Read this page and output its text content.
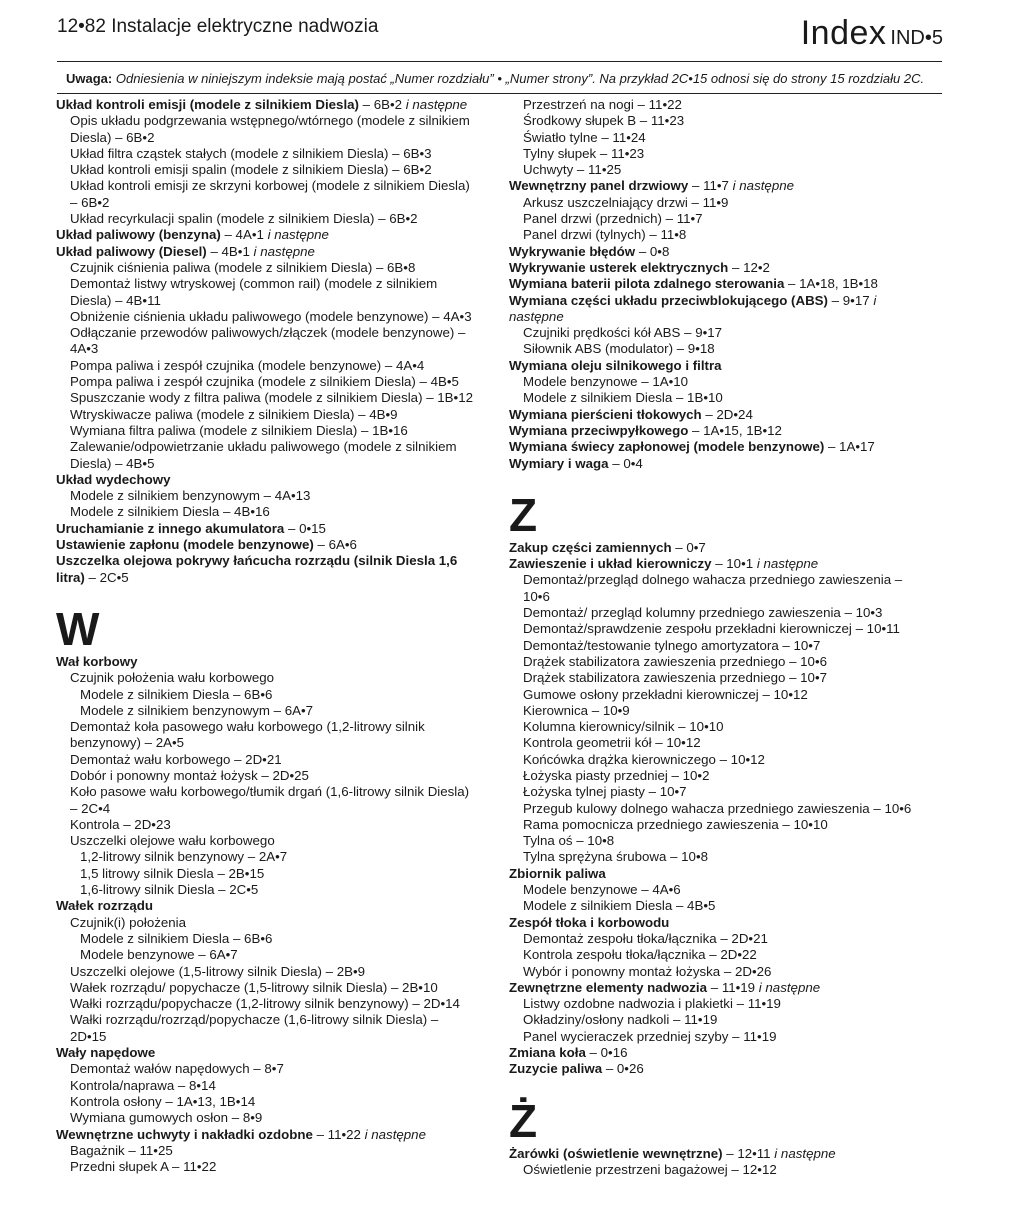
12•82 Instalacje elektryczne nadwozia	Index IND•5
Uwaga: Odniesienia w niniejszym indeksie mają postać „Numer rozdziału” • „Numer strony”. Na przykład 2C•15 odnosi się do strony 15 rozdziału 2C.
Układ kontroli emisji (modele z silnikiem Diesla) – 6B•2 i następne
Opis układu podgrzewania wstępnego/wtórnego (modele z silnikiem
Diesla) – 6B•2
Układ filtra cząstek stałych (modele z silnikiem Diesla) – 6B•3
Układ kontroli emisji spalin (modele z silnikiem Diesla) – 6B•2
Układ kontroli emisji ze skrzyni korbowej (modele z silnikiem Diesla)
– 6B•2
Układ recyrkulacji spalin (modele z silnikiem Diesla) – 6B•2
Układ paliwowy (benzyna) – 4A•1 i następne
Układ paliwowy (Diesel) – 4B•1 i następne
Czujnik ciśnienia paliwa (modele z silnikiem Diesla) – 6B•8
Demontaż listwy wtryskowej (common rail) (modele z silnikiem
Diesla) – 4B•11
Obniżenie ciśnienia układu paliwowego (modele benzynowe) – 4A•3
Odłączanie przewodów paliwowych/złączek (modele benzynowe) –
4A•3
Pompa paliwa i zespół czujnika (modele benzynowe) – 4A•4
Pompa paliwa i zespół czujnika (modele z silnikiem Diesla) – 4B•5
Spuszczanie wody z filtra paliwa (modele z silnikiem Diesla) – 1B•12
Wtryskiwacze paliwa (modele z silnikiem Diesla) – 4B•9
Wymiana filtra paliwa (modele z silnikiem Diesla) – 1B•16
Zalewanie/odpowietrzanie układu paliwowego (modele z silnikiem
Diesla) – 4B•5
Układ wydechowy
Modele z silnikiem benzynowym – 4A•13
Modele z silnikiem Diesla – 4B•16
Uruchamianie z innego akumulatora – 0•15
Ustawienie zapłonu (modele benzynowe) – 6A•6
Uszczelka olejowa pokrywy łańcucha rozrządu (silnik Diesla 1,6
litra) – 2C•5
W
Wał korbowy
Czujnik położenia wału korbowego
Modele z silnikiem Diesla – 6B•6
Modele z silnikiem benzynowym – 6A•7
Demontaż koła pasowego wału korbowego (1,2-litrowy silnik
benzynowy) – 2A•5
Demontaż wału korbowego – 2D•21
Dobór i ponowny montaż łożysk – 2D•25
Koło pasowe wału korbowego/tłumik drgań (1,6-litrowy silnik Diesla)
– 2C•4
Kontrola – 2D•23
Uszczelki olejowe wału korbowego
1,2-litrowy silnik benzynowy – 2A•7
1,5 litrowy silnik Diesla – 2B•15
1,6-litrowy silnik Diesla – 2C•5
Wałek rozrządu
Czujnik(i) położenia
Modele z silnikiem Diesla – 6B•6
Modele benzynowe – 6A•7
Uszczelki olejowe (1,5-litrowy silnik Diesla) – 2B•9
Wałek rozrządu/ popychacze (1,5-litrowy silnik Diesla) – 2B•10
Wałki rozrządu/popychacze (1,2-litrowy silnik benzynowy) – 2D•14
Wałki rozrządu/rozrząd/popychacze (1,6-litrowy silnik Diesla) –
2D•15
Wały napędowe
Demontaż wałów napędowych – 8•7
Kontrola/naprawa – 8•14
Kontrola osłony – 1A•13, 1B•14
Wymiana gumowych osłon – 8•9
Wewnętrzne uchwyty i nakładki ozdobne – 11•22 i następne
Bagażnik – 11•25
Przedni słupek A – 11•22
Przestrzeń na nogi – 11•22
Środkowy słupek B – 11•23
Światło tylne – 11•24
Tylny słupek – 11•23
Uchwyty – 11•25
Wewnętrzny panel drzwiowy – 11•7 i następne
Arkusz uszczelniający drzwi – 11•9
Panel drzwi (przednich) – 11•7
Panel drzwi (tylnych) – 11•8
Wykrywanie błędów – 0•8
Wykrywanie usterek elektrycznych – 12•2
Wymiana baterii pilota zdalnego sterowania – 1A•18, 1B•18
Wymiana części układu przeciwblokującego (ABS) – 9•17 i
następne
Czujniki prędkości kół ABS – 9•17
Siłownik ABS (modulator) – 9•18
Wymiana oleju silnikowego i filtra
Modele benzynowe – 1A•10
Modele z silnikiem Diesla – 1B•10
Wymiana pierścieni tłokowych – 2D•24
Wymiana przeciwpyłkowego – 1A•15, 1B•12
Wymiana świecy zapłonowej (modele benzynowe) – 1A•17
Wymiary i waga – 0•4
Z
Zakup części zamiennych – 0•7
Zawieszenie i układ kierowniczy – 10•1 i następne
Demontaż/przegląd dolnego wahacza przedniego zawieszenia –
10•6
Demontaż/ przegląd kolumny przedniego zawieszenia – 10•3
Demontaż/sprawdzenie zespołu przekładni kierowniczej – 10•11
Demontaż/testowanie tylnego amortyzatora – 10•7
Drążek stabilizatora zawieszenia przedniego – 10•6
Drążek stabilizatora zawieszenia przedniego – 10•7
Gumowe osłony przekładni kierowniczej – 10•12
Kierownica – 10•9
Kolumna kierownicy/silnik – 10•10
Kontrola geometrii kół – 10•12
Końcówka drążka kierowniczego – 10•12
Łożyska piasty przedniej – 10•2
Łożyska tylnej piasty – 10•7
Przegub kulowy dolnego wahacza przedniego zawieszenia – 10•6
Rama pomocnicza przedniego zawieszenia – 10•10
Tylna oś – 10•8
Tylna sprężyna śrubowa – 10•8
Zbiornik paliwa
Modele benzynowe – 4A•6
Modele z silnikiem Diesla – 4B•5
Zespół tłoka i korbowodu
Demontaż zespołu tłoka/łącznika – 2D•21
Kontrola zespołu tłoka/łącznika – 2D•22
Wybór i ponowny montaż łożyska – 2D•26
Zewnętrzne elementy nadwozia – 11•19 i następne
Listwy ozdobne nadwozia i plakietki – 11•19
Okładziny/osłony nadkoli – 11•19
Panel wycieraczek przedniej szyby – 11•19
Zmiana koła – 0•16
Zuzycie paliwa – 0•26
Ż
Żarówki (oświetlenie wewnętrzne) – 12•11 i następne
Oświetlenie przestrzeni bagażowej – 12•12
